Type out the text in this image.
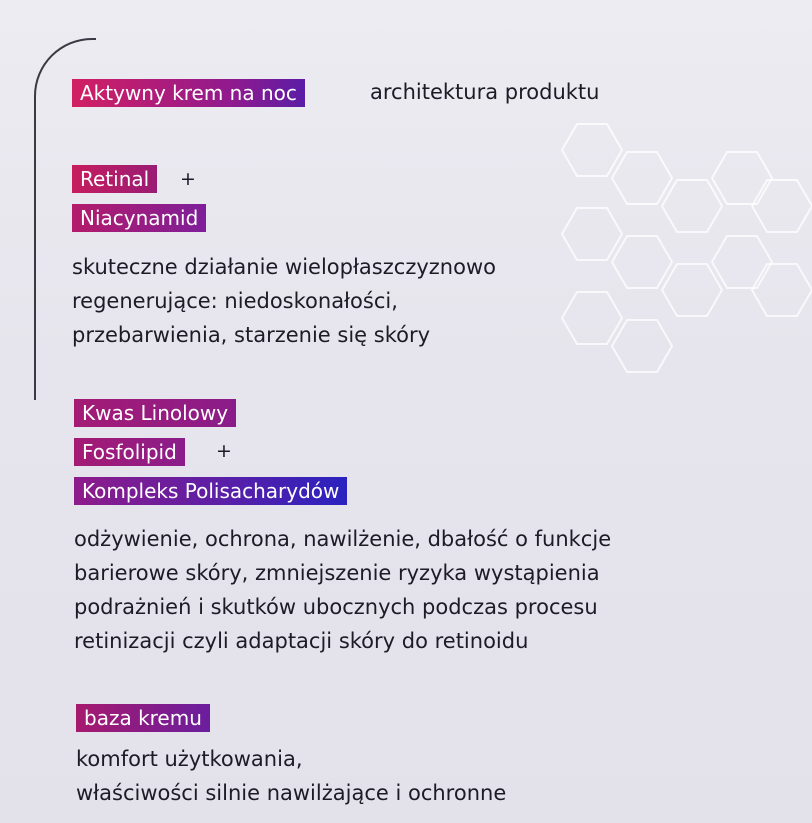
Aktywny krem na noc	architektura produktu
Retinal	+
Niacynamid
skuteczne działanie wielopłaszczyznowo
regenerujące: niedoskonałości,
przebarwienia, starzenie się skóry
Kwas Linolowy
Fosfolipid	+
Kompleks Polisacharydów
odżywienie, ochrona, nawilżenie, dbałość o funkcje
barierowe skóry, zmniejszenie ryzyka wystąpienia
podrażnień i skutków ubocznych podczas procesu
retinizacji czyli adaptacji skóry do retinoidu
baza kremu
komfort użytkowania,
właściwości silnie nawilżające i ochronne
